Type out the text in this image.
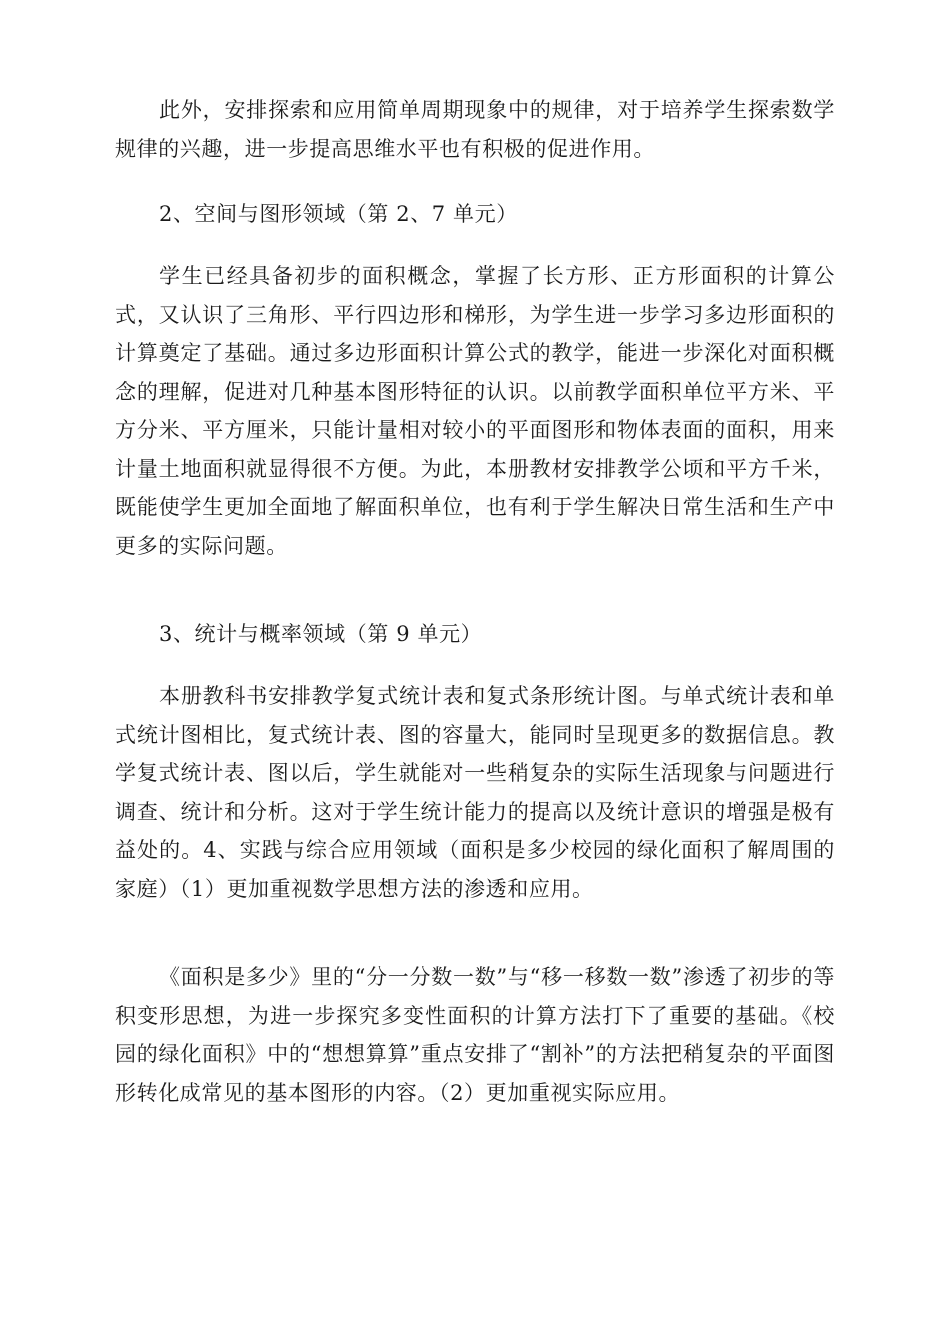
此外，安排探索和应用简单周期现象中的规律，对于培养学生探索数学规律的兴趣，进一步提高思维水平也有积极的促进作用。

2、空间与图形领域（第 2、7 单元）

学生已经具备初步的面积概念，掌握了长方形、正方形面积的计算公式，又认识了三角形、平行四边形和梯形，为学生进一步学习多边形面积的计算奠定了基础。通过多边形面积计算公式的教学，能进一步深化对面积概念的理解，促进对几种基本图形特征的认识。以前教学面积单位平方米、平方分米、平方厘米，只能计量相对较小的平面图形和物体表面的面积，用来计量土地面积就显得很不方便。为此，本册教材安排教学公顷和平方千米，既能使学生更加全面地了解面积单位，也有利于学生解决日常生活和生产中更多的实际问题。

3、统计与概率领域（第 9 单元）

本册教科书安排教学复式统计表和复式条形统计图。与单式统计表和单式统计图相比，复式统计表、图的容量大，能同时呈现更多的数据信息。教学复式统计表、图以后，学生就能对一些稍复杂的实际生活现象与问题进行调查、统计和分析。这对于学生统计能力的提高以及统计意识的增强是极有益处的。4、实践与综合应用领域（面积是多少校园的绿化面积了解周围的家庭）（1）更加重视数学思想方法的渗透和应用。

《面积是多少》里的“分一分数一数”与“移一移数一数”渗透了初步的等积变形思想，为进一步探究多变性面积的计算方法打下了重要的基础。《校园的绿化面积》中的“想想算算”重点安排了“割补”的方法把稍复杂的平面图形转化成常见的基本图形的内容。（2）更加重视实际应用。
